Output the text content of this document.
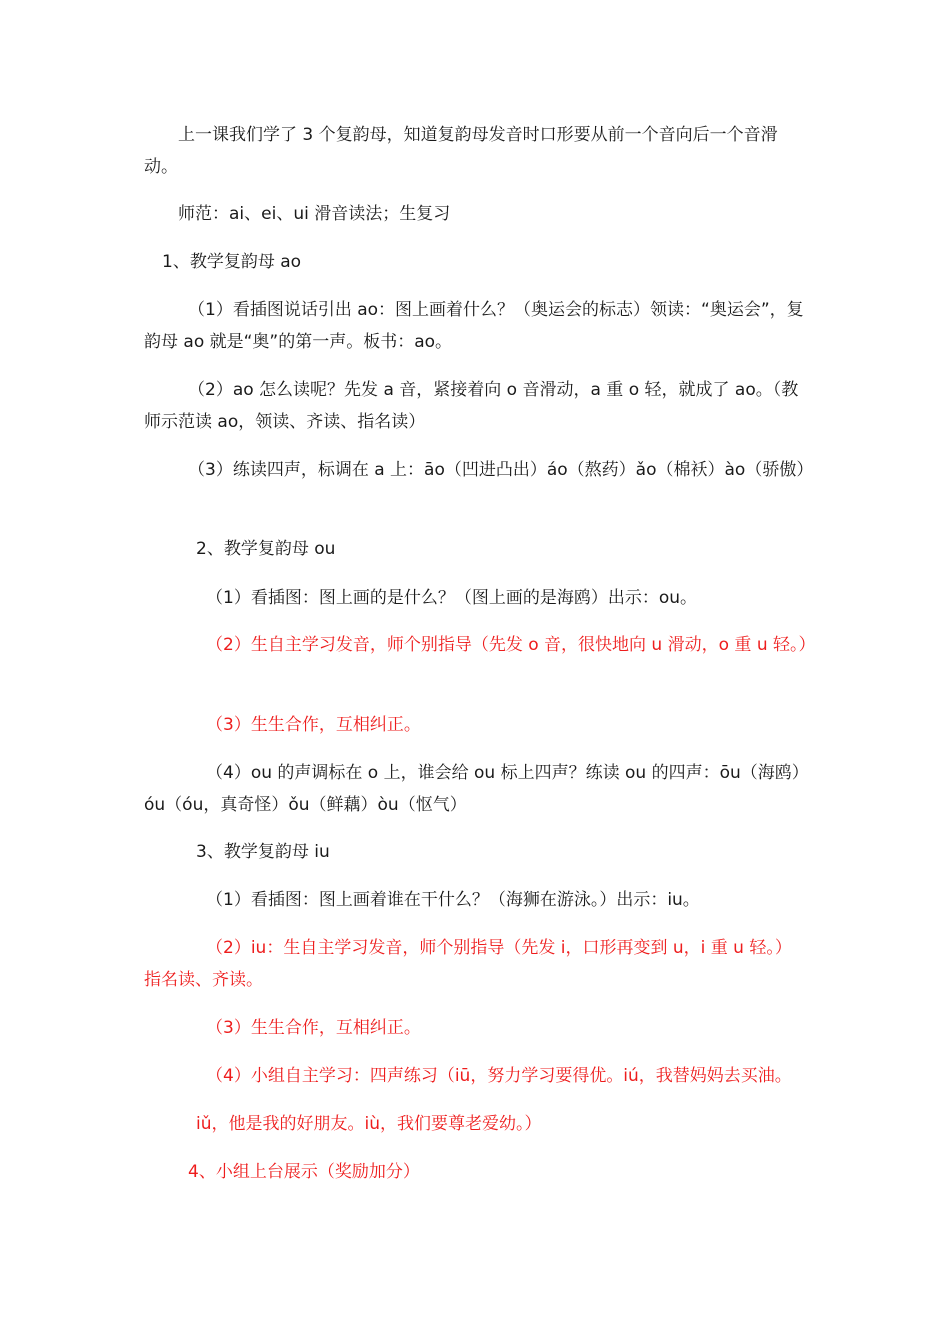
上一课我们学了 3 个复韵母，知道复韵母发音时口形要从前一个音向后一个音滑动。

师范：ai、ei、ui 滑音读法；生复习

1、教学复韵母 ao

（1）看插图说话引出 ao：图上画着什么？（奥运会的标志）领读：“奥运会”，复韵母 ao 就是“奥”的第一声。板书：ao。

（2）ao 怎么读呢？先发 a 音，紧接着向 o 音滑动，a 重 o 轻，就成了 ao。（教师示范读 ao，领读、齐读、指名读）

（3）练读四声，标调在 a 上：āo（凹进凸出）áo（熬药）ǎo（棉袄）ào（骄傲）

2、教学复韵母 ou

（1）看插图：图上画的是什么？（图上画的是海鸥）出示：ou。

（2）生自主学习发音，师个别指导（先发 o 音，很快地向 u 滑动，o 重 u 轻。）

（3）生生合作，互相纠正。

（4）ou 的声调标在 o 上，谁会给 ou 标上四声？练读 ou 的四声：ōu（海鸥）óu（óu，真奇怪）ǒu（鲜藕）òu（怄气）

3、教学复韵母 iu

（1）看插图：图上画着谁在干什么？（海狮在游泳。）出示：iu。

（2）iu：生自主学习发音，师个别指导（先发 i，口形再变到 u，i 重 u 轻。）指名读、齐读。

（3）生生合作，互相纠正。

（4）小组自主学习：四声练习（iū，努力学习要得优。iú，我替妈妈去买油。

iǔ，他是我的好朋友。iù，我们要尊老爱幼。）

4、小组上台展示（奖励加分）
